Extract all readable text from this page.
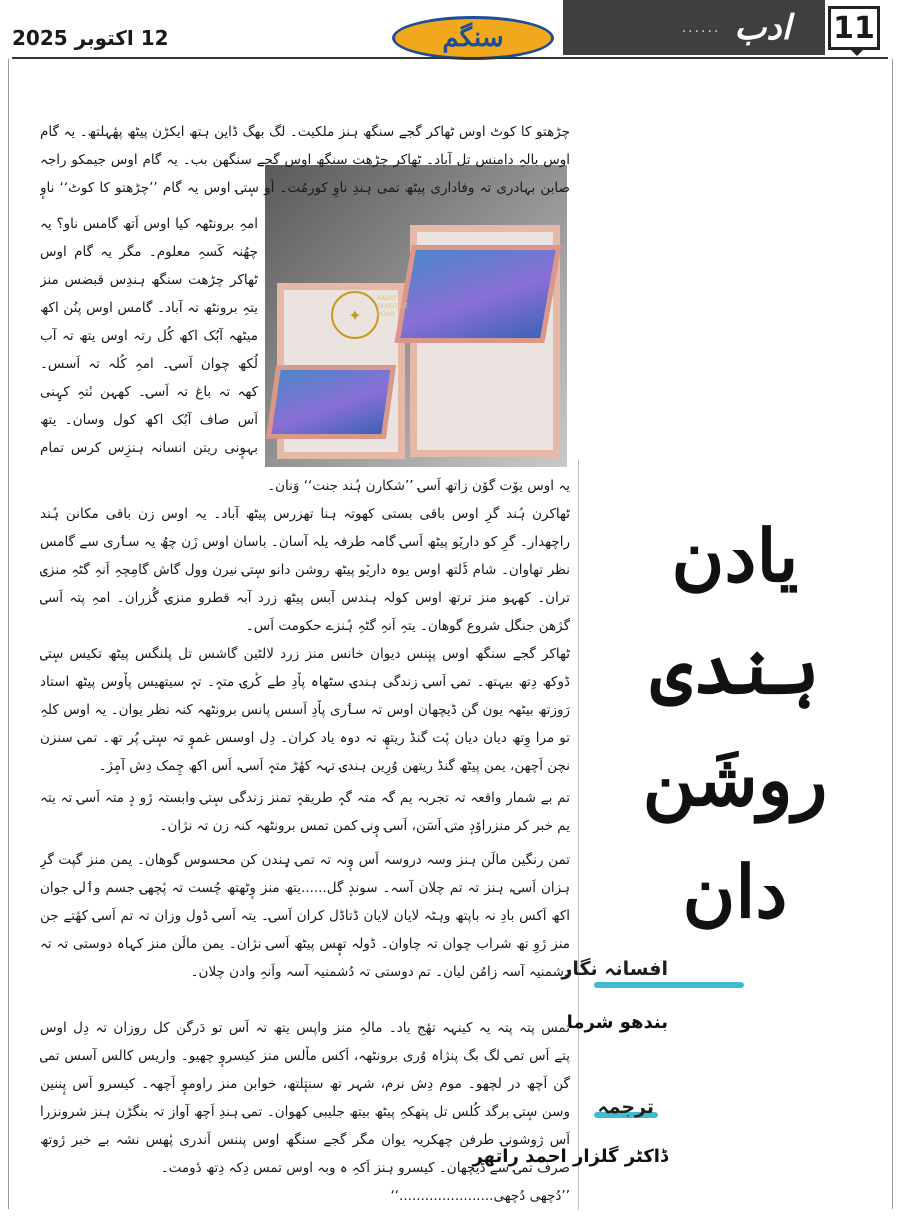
12 اکتوبر 2025	سنگم	...... ادب 11
✦
RADIO SENSITIVE ROAD
چڑھتو کا کوٹ اوس ٹھاکر گجے سنگھ ہنز ملکیت۔ لگ بھگ ڈاین ہتھ ایکڑن پیٹھ پھٔہلتھ۔ یہ گام اوس بالہِ دامنس تل آباد۔ ٹھاکر چڑھت سنگھ اوس گجے سنگھن بب۔ یہ گام اوس جیمکو راجہ صابن بہادری تہ وفاداری پیٹھ تمی ہندِ ناوِ کورمُت۔ اَو سٕتۍ اوس یہ گام ’’چڑھتو کا کوٹ‘‘ ناوٕ
امہِ برونٹھہ کیا اوس اَتھ گامس ناو؟ یہ چھُنہ کَسہِ معلوم۔ مگر یہ گام اوس ٹھاکر چڑھت سنگھ ہندِس قبضس منز یتہِ برونٹھ تہ آباد۔ گامس اوس پنُن اکھ
میٹھہ آبُک اکھ کُل رتہ اوس یتھ تہ آب لُکھ چوان اَسۍ۔ امہِ کُلہ تہ اَسس۔ کھہ تہ باغ تہ اَسۍ۔ کھہن نٔتہِ کہِنی اَس صاف آبُک اکھ کول وسان۔ یتھ بہوٕنی ریتن انسانہ ہنزِس کرس تمام
یہ اوس یوٚت گوٚن زاتھ اَسۍ ’’شکارن ہُند جنت‘‘ وَنان۔
ٹھاکرن ہُند گرِ اوس باقی بستی کھوتہ ہنا تھزرس پیٹھ آباد۔ یہ اوس زن باقی مکانن ہُند راچھدار۔ گرِ کو داریٚو پیٹھ اَسۍ گامہ طرفہ یلہ آسان۔ باسان اوس زَن چھُ یہ سٲری سے گامس نظر تھاوان۔ شام ڈَلتھ اوس یوہ داریٚو پیٹھ روشن دانو سٕتۍ نیرن وول گاش گامِچہِ اَنہِ گٹہِ منزۍ تران۔ کھہو منز ترتھ اوس کولہ ہندس آبس پیٹھ زرد آبہ قطرو منزۍ گُزران۔ امہِ پتہ اَسۍ گژھن جنگل شروع گوھان۔ یتہِ اَنہِ گٹہِ ہُنزے حکومت اَس۔
ٹھاکر گجے سنگھ اوس پنٕنس دیوان خانس منز زرد لالٹین گاشس تل پلنگس پیٹھ تکیس سٕتۍ ڈوکھ دِتھ بیہتھ۔ تمۍ اَسۍ زندگی ہندۍ سٹھاہ پاٚدِ طے کٔرۍ متہٕ۔ تہٕ سیتھیس پاٚوس پیٹھ استاد رَوزتھ بیٹھہ یون گن ڈیچھان اوس تہ سٲری پاٚدِ اَسس پانس برونٹھہ کنہ نظر یوان۔ یہ اوس کلہِ تو مرا وِتھ دیان دیان پٔت گنڈ ریتھٕ تہ دوہ یاد کران۔ دِل اوسس غموٕ تہ سٕتۍ پُر تھ۔ تمۍ سنزن نچن اَچھن، یمن پیٹھ گنڈ ریتھن وُرِین ہندۍ تہہ کھٔڑ متہٕ اَسۍ، اَس اکھ چِمک دِش آمٕژ۔
تم بے شمار واقعہ تہ تجربہ یم گہ متہ گہٕ طریقہٕ تمنز زندگی سٕتۍ وابستہ رٔو دٕ متہ اَسۍ تہ یتہ یم خبر کر منزراوٚدٕ متۍ اَسَن، اَسۍ وٕنۍ کمن تمس برونٹھہ کنہ زن تہ نژان۔
تمن رنگین مالَن ہنز وسہ دروسہ اَس وٕنہ تہ تمۍ ہٕندن کن محسوس گوھان۔ یمن منز گپت گرِ ہزان اَسۍ، ہنز تہ تم چلان آسہ۔ سوندٕ گل......یتھ منز وٕٹھتھ چُست تہ پٔچھۍ جسم وٲلۍ جوان اکھ اَکس بادِ نہ باپتھ وہٹہ لایان لایان ڈتاڈل کران اَسۍ۔ یتہ اَسۍ ڈول وزان تہ تم اَسۍ کھٔتے جن منز رٔوِ تھ شراب چوان تہ چاوان۔ ڈولہ تھٕس پیٹھ اَسۍ نژان۔ یمن مالَن منز کہاہ دوستی تہ تہ دشمنیہ آسہ زامُن لیان۔ تم دوستی تہ دُشمنیہ آسہ واَنہِ وادن چلان۔
تمس پتہ پتہ یہ کینہہ تھٔج یاد۔ مالہِ منز واپس یتھ تہ اَس تو دَرگن کل روزان تہ دِل اوس
پتے اَس تمۍ لگ بگ پنژاہ وُری برونٹھہ، اَکس ماٚلس منز کیسروٕ چھیو۔ واریس کالس آسس تمۍ گن اَچھ در لچھو۔ موم دِش نرم، شہر تھ سنتٕلتھ، خوابن منز راوموٕ اَچھہ۔ کیسرو اَس پٕننین وسن سٕتۍ برگد کُلس تل پتھکہِ پیٹھ بیتھ جلیبی کھوان۔ تمۍ ہندِ اَچھ آواز تہ بنگڑن ہنز شرونزرا اَس ژوشونۍ طرفن چھکریہ یوان مگر گجے سنگھ اوس پننس اَندری پٔھس نشہ بے خبر رٔوتھ صرف تمۍ سے ڈیچھان۔ کیسرو ہنز اَکہِ ہ وبہ اوس تمس دِکہ دِتھ دٔومت۔
’’دُچھی دُچھی......................‘‘
یادن
ہندی
روشَن
دان
افسانہ نگار
بندھو شرما
ترجمہ
ڈاکٹر گلزار احمد راتھر
